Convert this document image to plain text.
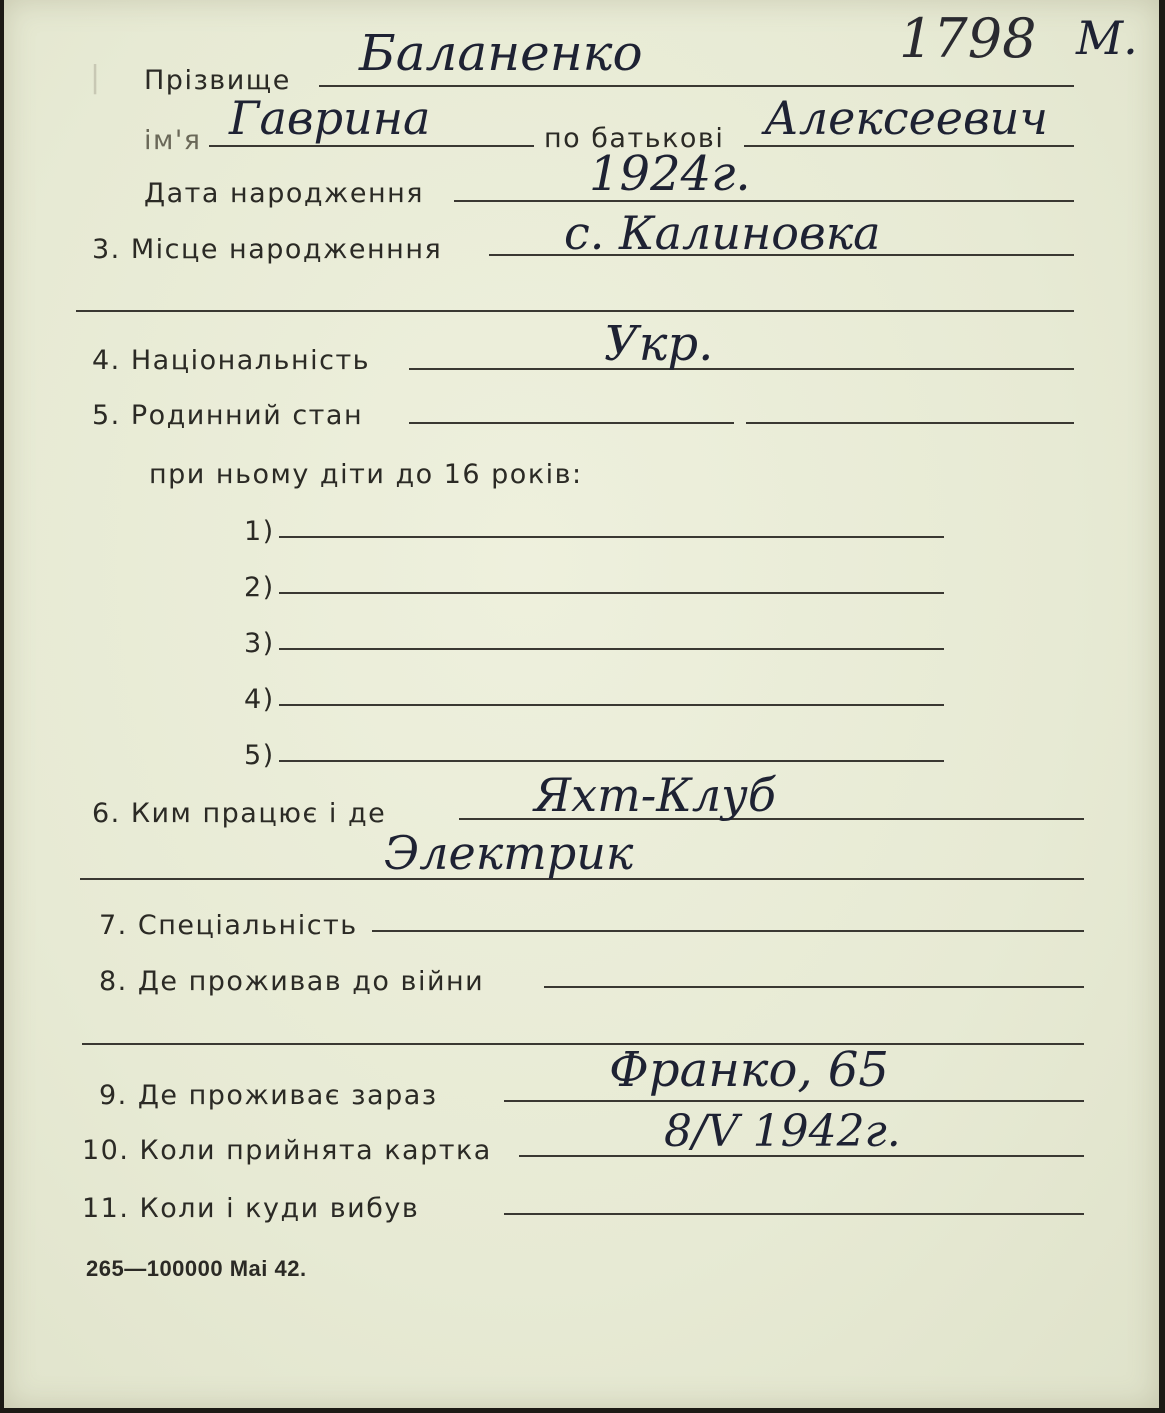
| Прізвище Баланенко	1798 М.
ім'я Гаврина	по батькові Алексеевич
Дата народження	1924г.
3. Місце народженння	с. Калиновка
4. Національність	Укр.
5. Родинний стан
при ньому діти до 16 років:
1)
2)
3)
4)
5)
6. Ким працює і де	Яхт-Клуб
Электрик
7. Спеціальність
8. Де проживав до війни
9. Де проживає зараз	Франко, 65
10. Коли прийнята картка	8/V 1942г.
11. Коли і куди вибув
265—100000 Mai 42.
